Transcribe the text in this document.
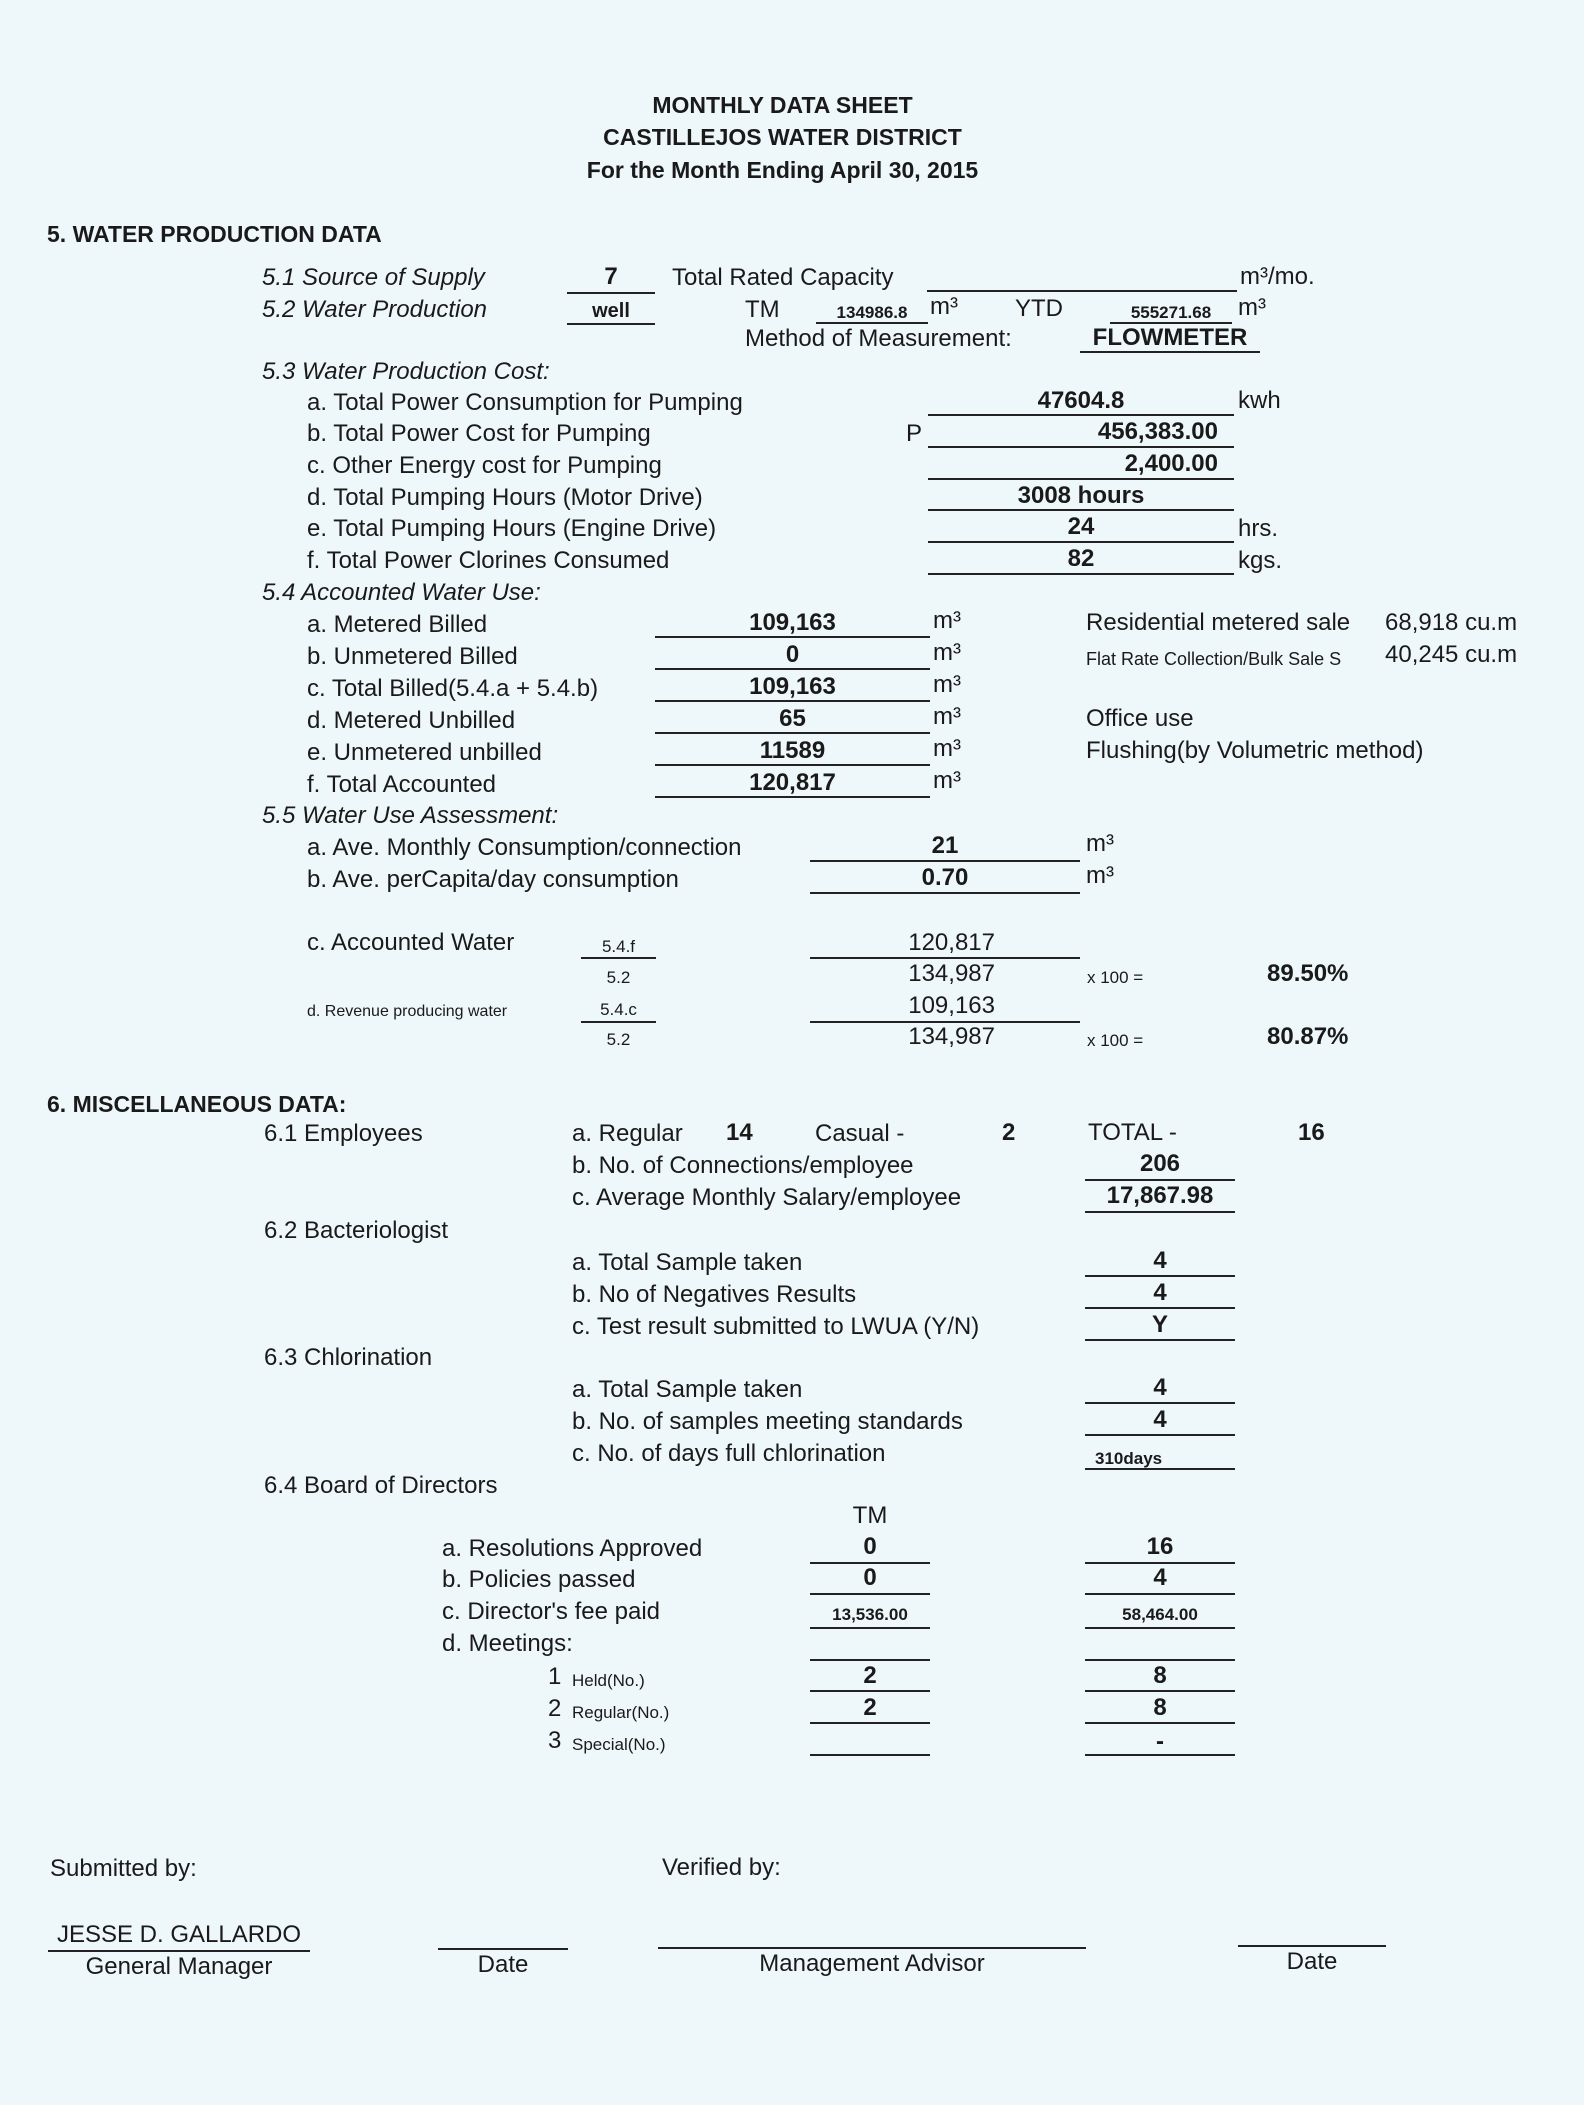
MONTHLY DATA SHEET
CASTILLEJOS WATER DISTRICT
For the Month Ending April 30, 2015
5. WATER PRODUCTION DATA
5.1 Source of Supply	7	Total Rated Capacity	m³/mo.
5.2 Water Production	well	TM	134986.8 m³ YTD	555271.68	m³
Method of Measurement:	FLOWMETER
5.3 Water Production Cost:
a. Total Power Consumption for Pumping	47604.8	kwh
b. Total Power Cost for Pumping	P	456,383.00
c. Other Energy cost for Pumping	2,400.00
d. Total Pumping Hours (Motor Drive)	3008 hours
e. Total Pumping Hours (Engine Drive)	24	hrs.
f. Total Power Clorines Consumed	82	kgs.
5.4 Accounted Water Use:
a. Metered Billed	109,163	m³	Residential metered sale 68,918 cu.m
b. Unmetered Billed	0	m³	Flat Rate Collection/Bulk Sale S 40,245 cu.m
c. Total Billed(5.4.a + 5.4.b)	109,163	m³
d. Metered Unbilled	65	m³	Office use
e. Unmetered unbilled	11589	m³	Flushing(by Volumetric method)
f. Total Accounted	120,817	m³
5.5 Water Use Assessment:
a. Ave. Monthly Consumption/connection	21	m³
b. Ave. perCapita/day consumption	0.70	m³
c. Accounted Water	5.4.f
5.2
120,817
134,987	x 100 =	89.50%
d. Revenue producing water	5.4.c
5.2
109,163
134,987	x 100 =	80.87%
6. MISCELLANEOUS DATA:
6.1 Employees	a. Regular 14	Casual -	2	TOTAL -	16
b. No. of Connections/employee	206
c. Average Monthly Salary/employee	17,867.98
6.2 Bacteriologist
a. Total Sample taken	4
b. No of Negatives Results	4
c. Test result submitted to LWUA (Y/N)	Y
6.3 Chlorination
a. Total Sample taken	4
b. No. of samples meeting standards	4
c. No. of days full chlorination	310days
6.4 Board of Directors
TM
a. Resolutions Approved	0	16
b. Policies passed	0	4
c. Director's fee paid	13,536.00	58,464.00
d. Meetings:
1 Held(No.)	2	8
2 Regular(No.)	2	8
3 Special(No.)	-
Submitted by:	Verified by:
JESSE D. GALLARDO
General Manager	Date	Management Advisor	Date
